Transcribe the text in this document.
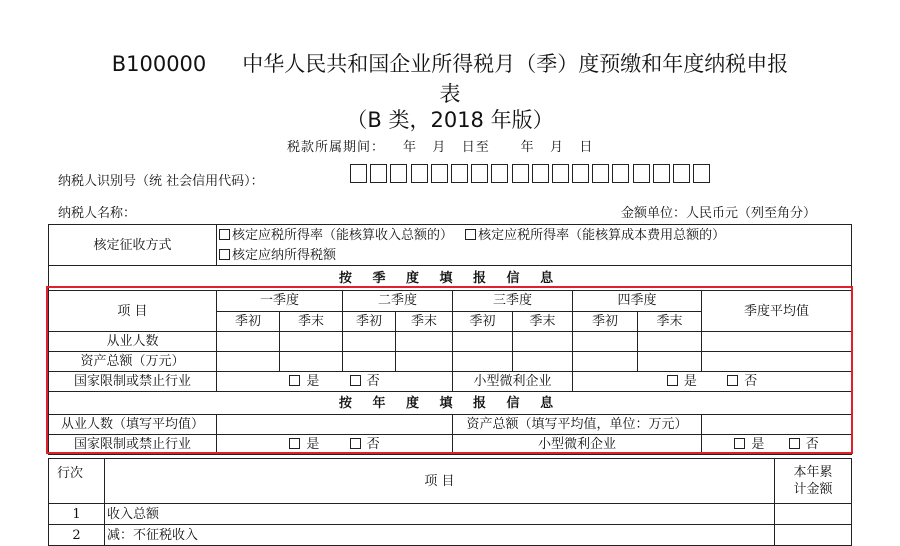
B100000 中华人民共和国企业所得税月（季）度预缴和年度纳税申报
表
（B 类，2018 年版）
税款所属期间： 年   月   日至      年   月   日
纳税人识别号（统 社会信用代码）：
纳税人名称：	金额单位：人民币元（列至角分）
核定征收方式	核定应税所得率（能核算收入总额的） 核定应税所得率（能核算成本费用总额的）								
	核定应纳所得税额								
按 季 度 填 报 信 息									
项 目	一季度		二季度		三季度		四季度		季度平均值
	季初	季末	季初	季末	季初	季末	季初	季末	
从业人数									
资产总额（万元）									
国家限制或禁止行业	是 否				小型微利企业		是 否		
按 年 度 填 报 信 息									
从业人数（填写平均值）					资产总额（填写平均值，单位：万元）				
国家限制或禁止行业	是 否				小型微利企业				是 否
行次	项 目	本年累
计金额

1	收入总额	
2	减：不征税收入	
